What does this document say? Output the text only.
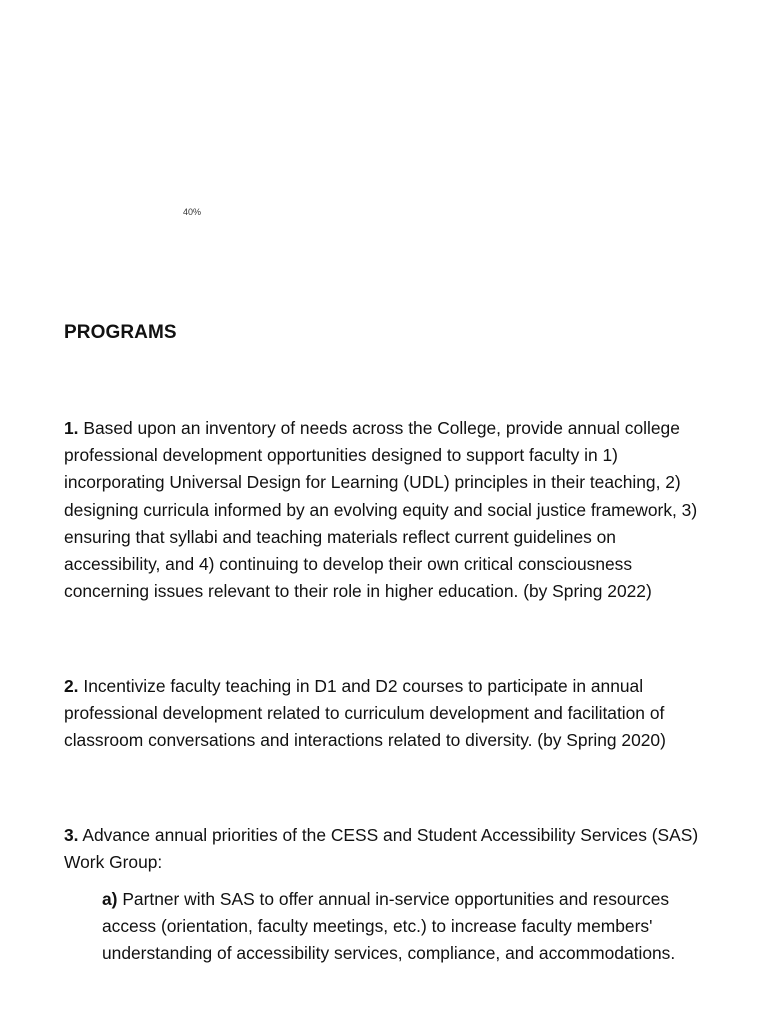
40%
PROGRAMS

1. Based upon an inventory of needs across the College, provide annual college professional development opportunities designed to support faculty in 1) incorporating Universal Design for Learning (UDL) principles in their teaching, 2) designing curricula informed by an evolving equity and social justice framework, 3) ensuring that syllabi and teaching materials reflect current guidelines on accessibility, and 4) continuing to develop their own critical consciousness concerning issues relevant to their role in higher education. (by Spring 2022)

2. Incentivize faculty teaching in D1 and D2 courses to participate in annual professional development related to curriculum development and facilitation of classroom conversations and interactions related to diversity. (by Spring 2020)

3. Advance annual priorities of the CESS and Student Accessibility Services (SAS) Work Group:

a) Partner with SAS to offer annual in-service opportunities and resources access (orientation, faculty meetings, etc.) to increase faculty members' understanding of accessibility services, compliance, and accommodations.
